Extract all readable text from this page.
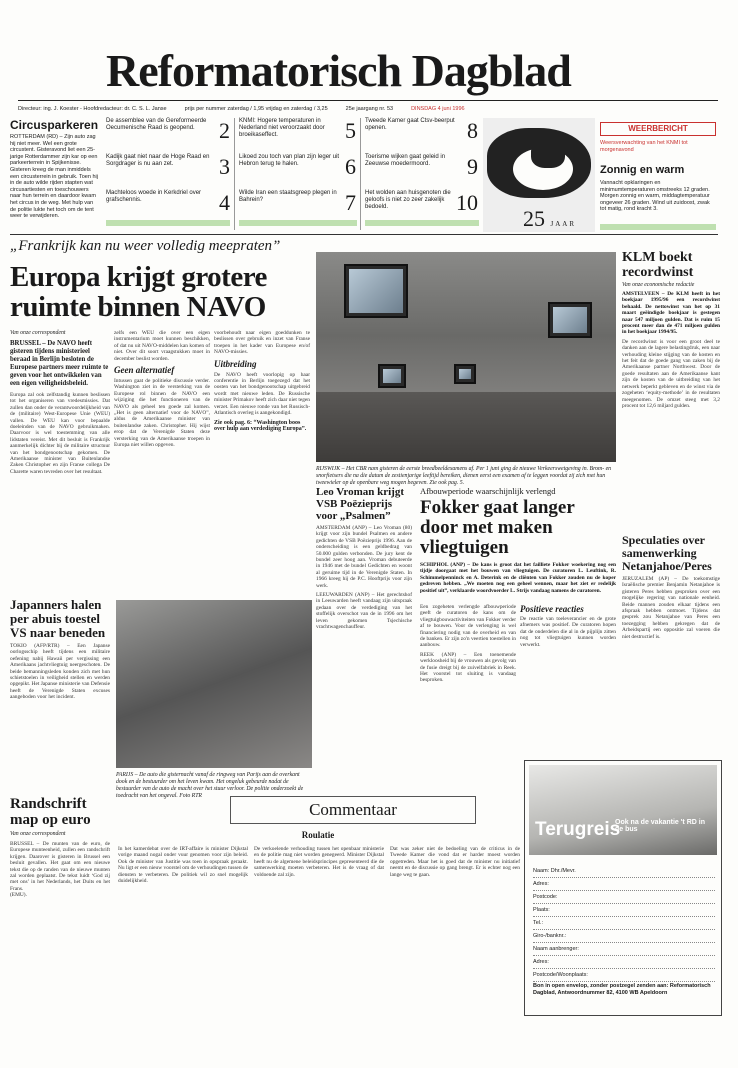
Reformatorisch Dagblad
Directeur: ing. J. Koester - Hoofdredacteur: dr. C. S. L. Janse	prijs per nummer zaterdag / 1,95 vrijdag en zaterdag / 3,25	25e jaargang nr. 53	DINSDAG 4 juni 1996
Circusparkeren
ROTTERDAM (RD) – Zijn auto zag hij niet meer. Wel een grote circustent. Gisteravond liet een 25-jarige Rotterdammer zijn kar op een parkeerterrein in Spijkenisse. Gisteren kreeg de man inmiddels een circusterrein in gebruik. Toen hij in de auto wilde rijden stapten wat circusartiesten en toeschouwers naar hun terrein en daardoor kwam het circus in de weg. Met hulp van de politie lukte het toch om de tent weer te verwijderen.
De assemblee van de Gereformeerde Oecumenische Raad is geopend.	2
Kadijk gaat niet naar de Hoge Raad en Sorgdrager is nu aan zet.	3
Machteloos woede in Kerkdriel over grafschennis.	4
KNMI: Hogere temperaturen in Nederland niet veroorzaakt door broeikaseffect.	5
Likoed zou toch van plan zijn leger uit Hebron terug te halen.	6
Wilde Iran een staatsgreep plegen in Bahrein?	7
Tweede Kamer gaat Ctsv-beerput openen.	8
Toerisme wijken gaat geleid in Zeeuwse moedermoord.	9
Het wolden aan huisgenoten die geloofs is niet zo zeer zakelijk bedoeld.	10
25 JAAR
WEERBERICHT
Weersverwachting van het KNMI tot morgenavond
Zonnig en warm
Vannacht opklaringen en minimumtemperaturen omstreeks 12 graden. Morgen zonnig en warm, middagtemperatuur ongeveer 26 graden. Wind uit zuidoost, zwak tot matig, rond kracht 3.
„Frankrijk kan nu weer volledig meepraten”
Europa krijgt grotere ruimte binnen NAVO
Van onze correspondent
BRUSSEL – De NAVO heeft gisteren tijdens ministerieel beraad in Berlijn besloten de Europese partners meer ruimte te geven voor het ontwikkelen van een eigen veiligheidsbeleid.
Europa zal ook zelfstandig kunnen beslissen tot het organiseren van vredesmissies. Dat zullen dan onder de verantwoordelijkheid van de (militaire) West-Europese Unie (WEU) vallen. De WEU kan voor bepaalde doeleinden van de NAVO gebruikmaken. Daarvoor is wel toestemming van alle lidstaten vereist. Met dit besluit is Frankrijk aanmerkelijk dichter bij de militaire structuur van het bondgenootschap gekomen. De Amerikaanse minister van Buitenlandse Zaken Christopher en zijn Franse collega De Charette waren tevreden over het resultaat.
zelfs een WEU die over een eigen instrumentarium moet kunnen beschikken, of dat nu uit NAVO-middelen kan komen of niet. Over dit soort vraagstukken moet in december beslist worden.
Geen alternatief
Intussen gaat de politieke discussie verder. Washington ziet in de versterking van de Europese rol binnen de NAVO een wijziging die het functioneren van de NAVO als geheel ten goede zal komen. „Het is geen alternatief voor de NAVO”, aldus de Amerikaanse minister van buitenlandse zaken. Christopher. Hij wijst erop dat de Verenigde Staten deze versterking van de Amerikaanse troepen in Europa niet willen opgeven.
voorbehoudt naar eigen goeddunken te beslissen over gebruik en inzet van Franse troepen in het kader van Europese en/of NAVO-missies.
Uitbreiding
De NAVO heeft voorlopig op haar conferentie in Berlijn toegezegd dat het oosten van het bondgenootschap uitgebreid wordt met nieuwe leden. De Russische minister Primakov heeft zich daar niet tegen verzet. Een nieuwe ronde van het Russisch-Atlantisch overleg is aangekondigd.
Zie ook pag. 6: “Washington boos over hulp aan verdediging Europa”.
RIJSWIJK – Het CBR nam gisteren de eerste breedbeeldexamens af. Per 1 juni ging de nieuwe Verkeerswetgeving in. Brom- en snorfietsers die na die datum de zestienjarige leeftijd bereiken, dienen eerst een examen af te leggen voordat zij zich met hun tweewieler op de openbare weg mogen begeven. Zie ook pag. 5.
KLM boekt recordwinst
Van onze economische redactie
AMSTELVEEN – De KLM heeft in het boekjaar 1995/96 een recordwinst behaald. De nettowinst van het op 31 maart geëindigde boekjaar is gestegen naar 547 miljoen gulden. Dat is ruim 15 procent meer dan de 471 miljoen gulden in het boekjaar 1994/95.
De recordwinst is voor een groot deel te danken aan de lagere belastingdruk, een naar verhouding kleine stijging van de kosten en het feit dat de goede gang van zaken bij de Amerikaanse partner Northwest. Door de goede resultaten aan de Amerikaanse kant zijn de kosten van de uitbreiding van het netwerk beperkt gebleven en de winst via de zogeheten ‘equity-methode’ in de resultaten meegenomen. De omzet steeg met 3,2 procent tot 12,6 miljard gulden.
Speculaties over samenwerking Netanjahoe/Peres
JERUZALEM (AP) – De toekomstige Israëlische premier Benjamin Netanjahoe is gisteren Peres hebben gesproken over een mogelijke regering van nationale eenheid. Beide mannen zouden elkaar tijdens een afspraak hebben ontmoet. Tijdens dat gesprek zou Netanjahoe van Peres een toezegging hebben gekregen dat de Arbeidspartij een oppositie zal voeren die niet destructief is.
Japanners halen per abuis toestel VS naar beneden
TOKIO (AFP/RTR) – Een Japanse oorlogsschip heeft tijdens een militaire oefening nabij Hawaii per vergissing een Amerikaans jachtvliegtuig neergeschoten. De beide bemanningsleden konden zich met hun schietstoelen in veiligheid stellen en werden opgepikt. Het Japanse ministerie van Defensie heeft de Verenigde Staten excuses aangeboden voor het incident.
PARIJS – De auto die gisternacht vanaf de ringweg van Parijs aan de overkant dook en de bestuurder om het leven kwam. Het ongeluk gebeurde nadat de bestuurder van de auto de macht over het stuur verloor. De politie onderzoekt de toedracht van het ongeval. Foto RTR
Leo Vroman krijgt VSB Poëzieprijs voor „Psalmen”
AMSTERDAM (ANP) – Leo Vroman (80) krijgt voor zijn bundel Psalmen en andere gedichten de VSB Poëzieprijs 1996. Aan de onderscheiding is een geldbedrag van 50.000 gulden verbonden. De jury kent de bundel zeer hoog aan. Vroman debuteerde in 1946 met de bundel Gedichten en woont al geruime tijd in de Verenigde Staten. In 1966 kreeg hij de P.C. Hooftprijs voor zijn werk.
LEEUWARDEN (ANP) – Het gerechtshof in Leeuwarden heeft vandaag zijn uitspraak gedaan over de verdediging van het stoffelijk overschot van de in 1996 om het leven gekomen Tsjechische vrachtwagenchauffeur.
Afbouwperiode waarschijnlijk verlengd
Fokker gaat langer door met maken vliegtuigen
SCHIPHOL (ANP) – De kans is groot dat het failliete Fokker woekering nog een tijdje doorgaat met het bouwen van vliegtuigen. De curatoren L. Leuftink, R. Schimmelpenninck en A. Deterink en de cliënten van Fokker zouden nu de koper gedreven hebben. „We moeten nog een geheel wennen, maar het ziet er redelijk positief uit”, verklaarde woordvoerder L. Strijs vandaag namens de curatoren.
Een zogeheten verlengde afbouwperiode geeft de curatoren de kans om de vliegtuigbouwactiviteiten van Fokker verder af te bouwen. Voor de verlenging is wel financiering nodig van de overheid en van de banken. Er zijn zo'n veertien toestellen in aanbouw.
REEK (ANP) – Een toenemende werkloosheid bij de vrouwen als gevolg van de fusie dreigt bij de zuivelfabriek in Reek. Het voorstel tot sluiting is vandaag besproken.
Positieve reacties
De reactie van toeleverancier en de grote afnemers was positief. De curatoren hopen dat de onderdelen die al in de pijplijn zitten nog tot vliegtuigen kunnen worden verwerkt.
Randschrift map op euro
Van onze correspondent
BRUSSEL – De munten van de euro, de Europese munteenheid, zullen een randschrift krijgen. Daarover is gisteren in Brussel een besluit gevallen. Het gaat om een nieuwe tekst die op de randen van de nieuwe munten zal worden geplaatst. De tekst luidt ‘God zij met ons’ in het Nederlands, het Duits en het Frans.
(EMU).
Commentaar
Roulatie
In het kamerdebat over de IRT-affaire is minister Dijkstal vorige maand nogal onder vuur genomen voor zijn beleid. Ook de minister van Justitie was toen in opspraak geraakt. Nu ligt er een nieuw voorstel om de verhoudingen tussen de diensten te verbeteren. De politiek wil zo snel mogelijk duidelijkheid.
De verkoelende verhouding tussen het openbaar ministerie en de politie mag niet worden genegeerd. Minister Dijkstal heeft nu de algemene beleidsprincipes gepresenteerd die de samenwerking moeten verbeteren. Het is de vraag of dat voldoende zal zijn.
Dat was zeker niet de bedoeling van de criticus in de Tweede Kamer die vond dat er harder moest worden opgetreden. Maar het is goed dat de minister nu initiatief neemt en de discussie op gang brengt. Er is echter nog een lange weg te gaan.
Terugreis
Ook na de vakantie 't RD in de bus
Naam: Dhr./Mevr.
Adres:
Postcode:
Plaats:
Tel.:
Giro-/banknr.:
Naam aanbrenger:
Adres:
Postcode/Woonplaats:
Bon in open envelop, zonder postzegel zenden aan: Reformatorisch Dagblad, Antwoordnummer 82, 4100 WB Apeldoorn
